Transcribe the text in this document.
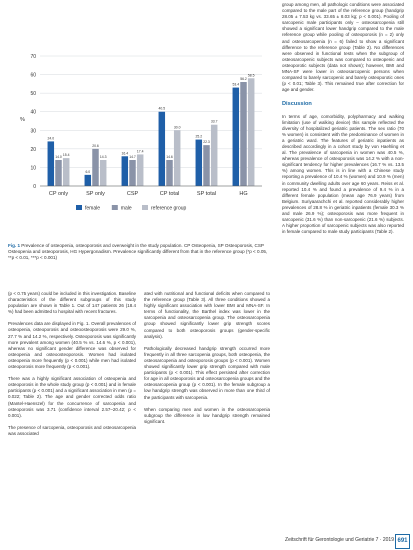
24.0
14.0 15.4
6.0
20.6
14.3
16.4
14.7
17.4
40.5
14.6
30.0
25.2
22.3
33.7
53.4
56.2
58.5
0
10
20
30
40
50
60
70
%
CP only	SP only	CSP	CP total	SP total	HG
female	male	reference group
Fig. 1 Prevalence of osteopenia, osteoporosis and overweight in the study population. CP Osteopenia, SP Osteoporosis, CSP Osteopenia and osteoporosis, HG Hypergonadism. Prevalence significantly different from that in the reference group (*p < 0.05, **p < 0.01, ***p < 0.001)

(p < 0.75 years) could be included in this investigation. Baseline characteristics of the different subgroups of this study population are shown in Table 1. Out of 147 patients 26 (18.4 %) had been admitted to hospital with recent fractures.

Prevalences data are displayed in Fig. 1. Overall prevalences of osteopenia, osteoporosis and osteoosteoporosis were 29.0 %, 27.7 % and 14.2 %, respectively. Osteoporosis was significantly more prevalent among women (40.5 % vs. 14.6 %, p < 0.001), whereas no significant gender difference was observed for osteopenia and osteoosteoporosis. Women had isolated osteopenia more frequently (p < 0.001) while men had isolated osteoporosis more frequently (p < 0.001).

There was a highly significant association of osteopenia and osteoporosis in the whole study group (p < 0.001) and in female participants (p < 0.001) and a significant association in men (p = 0.022; Table 2). The age and gender corrected odds ratio (Mantel-Haenszel) for the concurrence of sarcopenia and osteoporosis was 3.71 (confidence interval 2.57–20.42; p < 0.001).

The presence of sarcopenia, osteoporosis and osteosarcopenia was associated

ated with nutritional and functional deficits when compared to the reference group (Table 3). All three conditions showed a highly significant association with lower BMI and MNA-SF. In terms of functionality, the Barthel index was lower in the sarcopenia and osteosarcopenia group. The osteosarcopenia group showed significantly lower grip strength scores compared to both osteoporosis groups (gender-specific analysis).

Pathologically decreased handgrip strength occurred more frequently in all three sarcopenia groups, both osteopenia, the osteosarcopenia and osteoporosis groups (p < 0.001). Women showed significantly lower grip strength compared with male participants (p < 0.001). This effect persisted after correction for age in all osteoporosis and osteosarcopenia groups and the osteosarcopenia group (p < 0.001). In the female subgroup a low handgrip strength was observed in more than one third of the participants with sarcopenia.

When comparing men and women in the osteosarcopenia subgroup the difference in low handgrip strength remained significant.

group among men, all pathologic conditions were associated compared to the male part of the reference group (handgrip 28.05 ± 7.53 kg vs. 33.65 ± 8.03 kg; p < 0.001). Pooling of sarcopenic male participants only – osteosarcopenia still showed a significant lower handgrip compared to the male reference group while pooling of osteoporosis (n = 2) only and osteosarcopenia (n = 6) failed to show a significant difference to the reference group (Table 2). No differences were observed in functional tests when the subgroup of osteosarcopenic subjects was compared to osteopenic and osteoporotic subjects (data not shown); however, BMI and MNA-SF were lower in osteosarcopenic persons when compared to barely sarcopenic and barely osteoporotic ones (p < 0.01; Table 3). This remained true after correction for age and gender.

Discussion

In terms of age, comorbidity, polypharmacy and walking limitation (use of walking device) this sample reflected the diversity of hospitalized geriatric patients. The sex ratio (70 % women) is consistent with the predominance of women in a geriatric ward. The features of geriatric inpatients as described accordingly in a cohort study by von Haehling et al. The prevalence of sarcopenia in women was 40.5 %, whereas prevalence of osteoporosis was 14.2 % with a non-significant tendency for higher prevalences (16.7 % vs. 13.5 %) among women. This is in line with a Chinese study reporting a prevalence of 10.4 % (women) and 10.9 % (men) in community dwelling adults over age 60 years. Reiss et al. reported 10.4 % and found a prevalence of 9.4 % in a different female population (mean age 76.9 years) from Belgium. Suriyaarachchi et al. reported considerably higher prevalences of 28.8 % in geriatric inpatients (female 30.3 % and male 26.9 %); osteoporosis was more frequent in sarcopenic (31.6 %) than non-sarcopenic (21.6 %) subjects. A higher proportion of sarcopenic subjects was also reported in female compared to male study participants (Table 2).

Zeitschrift für Gerontologie und Geriatrie 7 · 2019 691
